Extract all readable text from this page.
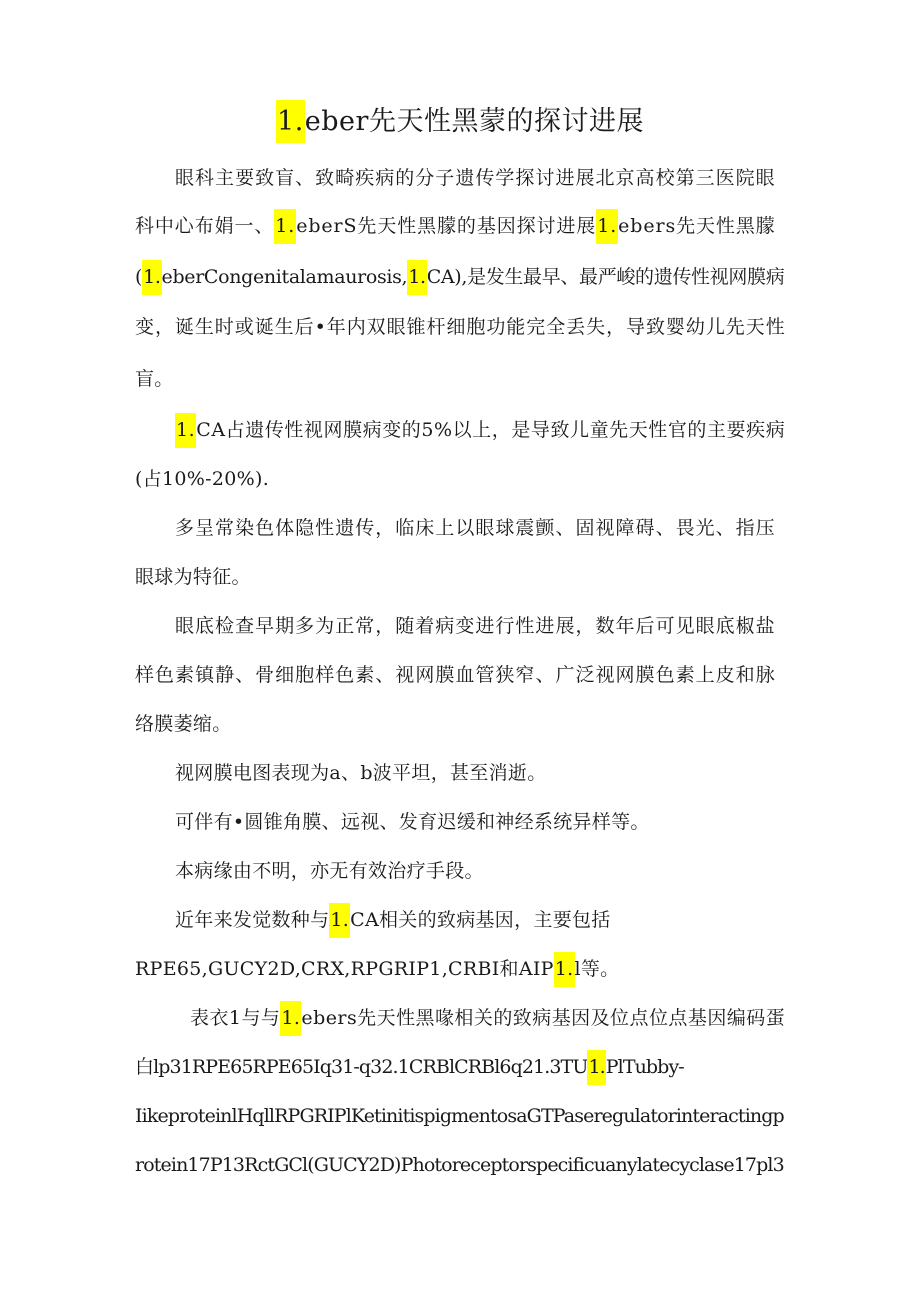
1.eber先天性黑蒙的探讨进展
眼科主要致盲、致畸疾病的分子遗传学探讨进展北京高校第三医院眼
科中心布娟一、1.eberS先天性黑朦的基因探讨进展1.ebers先天性黑朦
(1.eberCongenitalamaurosis,1.CA),是发生最早、最严峻的遗传性视网膜病
变，诞生时或诞生后•年内双眼锥杆细胞功能完全丢失，导致婴幼儿先天性
盲。
1.CA占遗传性视网膜病变的5%以上，是导致儿童先天性官的主要疾病
(占10%-20%).
多呈常染色体隐性遗传，临床上以眼球震颤、固视障碍、畏光、指压
眼球为特征。
眼底检查早期多为正常，随着病变进行性进展，数年后可见眼底椒盐
样色素镇静、骨细胞样色素、视网膜血管狭窄、广泛视网膜色素上皮和脉
络膜萎缩。
视网膜电图表现为a、b波平坦，甚至消逝。
可伴有•圆锥角膜、远视、发育迟缓和神经系统异样等。
本病缘由不明，亦无有效治疗手段。
近年来发觉数种与1.CA相关的致病基因，主要包括
RPE65,GUCY2D,CRX,RPGRIP1,CRBI和AIP1.l等。
表衣1与与1.ebers先天性黑喙相关的致病基因及位点位点基因编码蛋
白lp31RPE65RPE65Iq31-q32.1CRBlCRBl6q21.3TU1.PlTubby-
IikeproteinlHqllRPGRIPlKetinitispigmentosaGTPaseregulatorinteractingp
rotein17P13RctGCl(GUCY2D)Photoreceptorspecificuanylatecyclase17pl3
